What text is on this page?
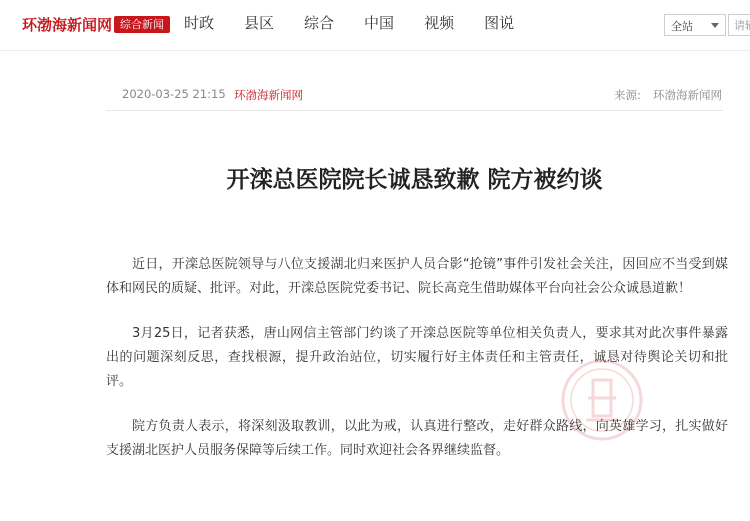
环渤海新闻网 综合新闻	时政 县区 综合 中国 视频 图说	全站
请输
2020-03-25 21:15 环渤海新闻网	来源: 环渤海新闻网
开滦总医院院长诚恳致歉 院方被约谈

近日，开滦总医院领导与八位支援湖北归来医护人员合影“抢镜”事件引发社会关注，因回应不当受到媒体和网民的质疑、批评。对此，开滦总医院党委书记、院长高竞生借助媒体平台向社会公众诚恳道歉！

3月25日，记者获悉，唐山网信主管部门约谈了开滦总医院等单位相关负责人，要求其对此次事件暴露出的问题深刻反思，查找根源，提升政治站位，切实履行好主体责任和主管责任，诚恳对待舆论关切和批评。

院方负责人表示，将深刻汲取教训，以此为戒，认真进行整改，走好群众路线，向英雄学习，扎实做好支援湖北医护人员服务保障等后续工作。同时欢迎社会各界继续监督。
